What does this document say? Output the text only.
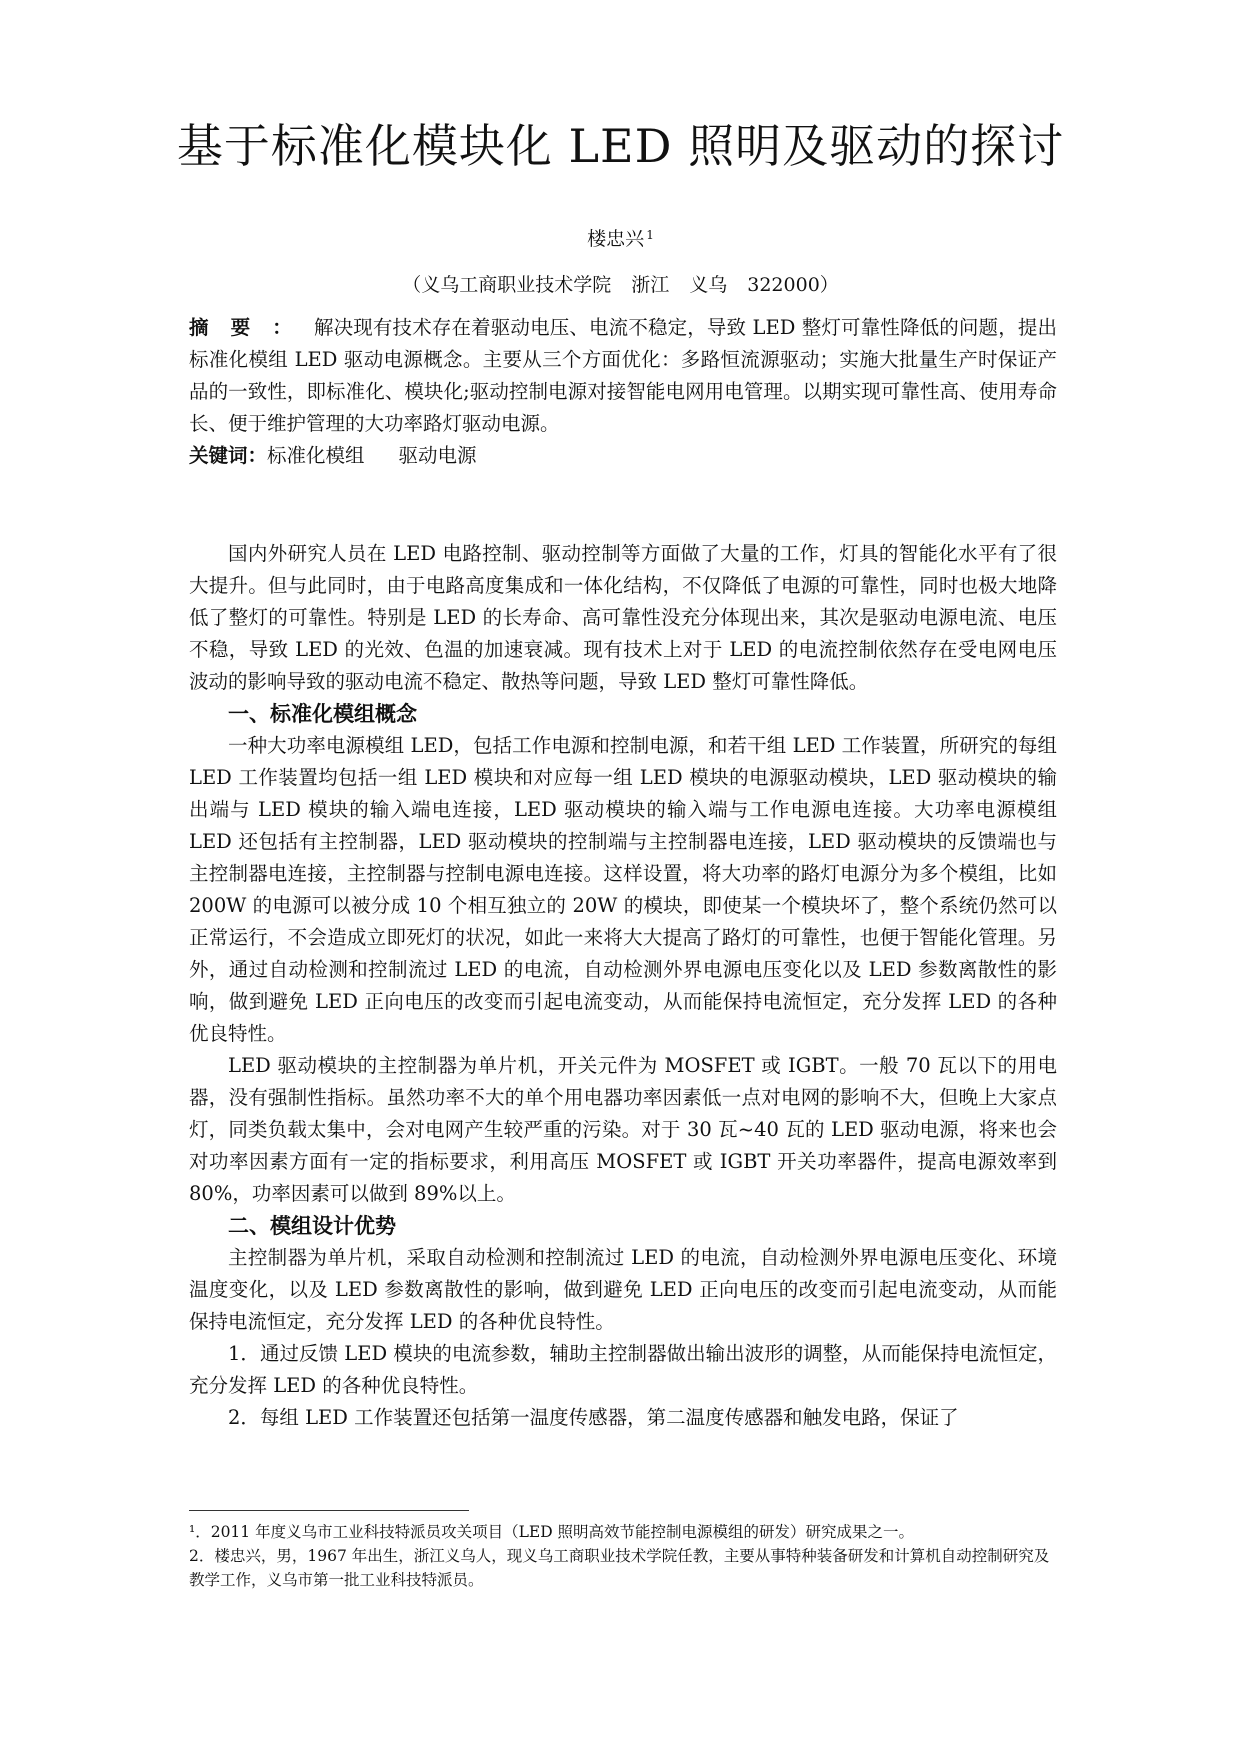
基于标准化模块化 LED 照明及驱动的探讨
楼忠兴 $^1$
（义乌工商职业技术学院 浙江 义乌 322000）
摘要：解决现有技术存在着驱动电压、电流不稳定，导致 LED 整灯可靠性降低的问题，提出标准化模组 LED 驱动电源概念。主要从三个方面优化：多路恒流源驱动；实施大批量生产时保证产品的一致性，即标准化、模块化;驱动控制电源对接智能电网用电管理。以期实现可靠性高、使用寿命长、便于维护管理的大功率路灯驱动电源。
关键词：标准化模组 驱动电源

国内外研究人员在 LED 电路控制、驱动控制等方面做了大量的工作，灯具的智能化水平有了很大提升。但与此同时，由于电路高度集成和一体化结构，不仅降低了电源的可靠性，同时也极大地降低了整灯的可靠性。特别是 LED 的长寿命、高可靠性没充分体现出来，其次是驱动电源电流、电压不稳，导致 LED 的光效、色温的加速衰减。现有技术上对于 LED 的电流控制依然存在受电网电压波动的影响导致的驱动电流不稳定、散热等问题，导致 LED 整灯可靠性降低。

一、标准化模组概念

一种大功率电源模组 LED，包括工作电源和控制电源，和若干组 LED 工作装置，所研究的每组 LED 工作装置均包括一组 LED 模块和对应每一组 LED 模块的电源驱动模块，LED 驱动模块的输出端与 LED 模块的输入端电连接，LED 驱动模块的输入端与工作电源电连接。大功率电源模组 LED 还包括有主控制器，LED 驱动模块的控制端与主控制器电连接，LED 驱动模块的反馈端也与主控制器电连接，主控制器与控制电源电连接。这样设置，将大功率的路灯电源分为多个模组，比如 200W 的电源可以被分成 10 个相互独立的 20W 的模块，即使某一个模块坏了，整个系统仍然可以正常运行，不会造成立即死灯的状况，如此一来将大大提高了路灯的可靠性，也便于智能化管理。另外，通过自动检测和控制流过 LED 的电流，自动检测外界电源电压变化以及 LED 参数离散性的影响，做到避免 LED 正向电压的改变而引起电流变动，从而能保持电流恒定，充分发挥 LED 的各种优良特性。

LED 驱动模块的主控制器为单片机，开关元件为 MOSFET 或 IGBT。一般 70 瓦以下的用电器，没有强制性指标。虽然功率不大的单个用电器功率因素低一点对电网的影响不大，但晚上大家点灯，同类负载太集中，会对电网产生较严重的污染。对于 30 瓦~40 瓦的 LED 驱动电源，将来也会对功率因素方面有一定的指标要求，利用高压 MOSFET 或 IGBT 开关功率器件，提高电源效率到 80%，功率因素可以做到 89%以上。

二、模组设计优势

主控制器为单片机，采取自动检测和控制流过 LED 的电流，自动检测外界电源电压变化、环境温度变化，以及 LED 参数离散性的影响，做到避免 LED 正向电压的改变而引起电流变动，从而能保持电流恒定，充分发挥 LED 的各种优良特性。

1．通过反馈 LED 模块的电流参数，辅助主控制器做出输出波形的调整，从而能保持电流恒定，充分发挥 LED 的各种优良特性。

2．每组 LED 工作装置还包括第一温度传感器，第二温度传感器和触发电路，保证了

¹．2011 年度义乌市工业科技特派员攻关项目（LED 照明高效节能控制电源模组的研发）研究成果之一。

2．楼忠兴，男，1967 年出生，浙江义乌人，现义乌工商职业技术学院任教，主要从事特种装备研发和计算机自动控制研究及教学工作，义乌市第一批工业科技特派员。
